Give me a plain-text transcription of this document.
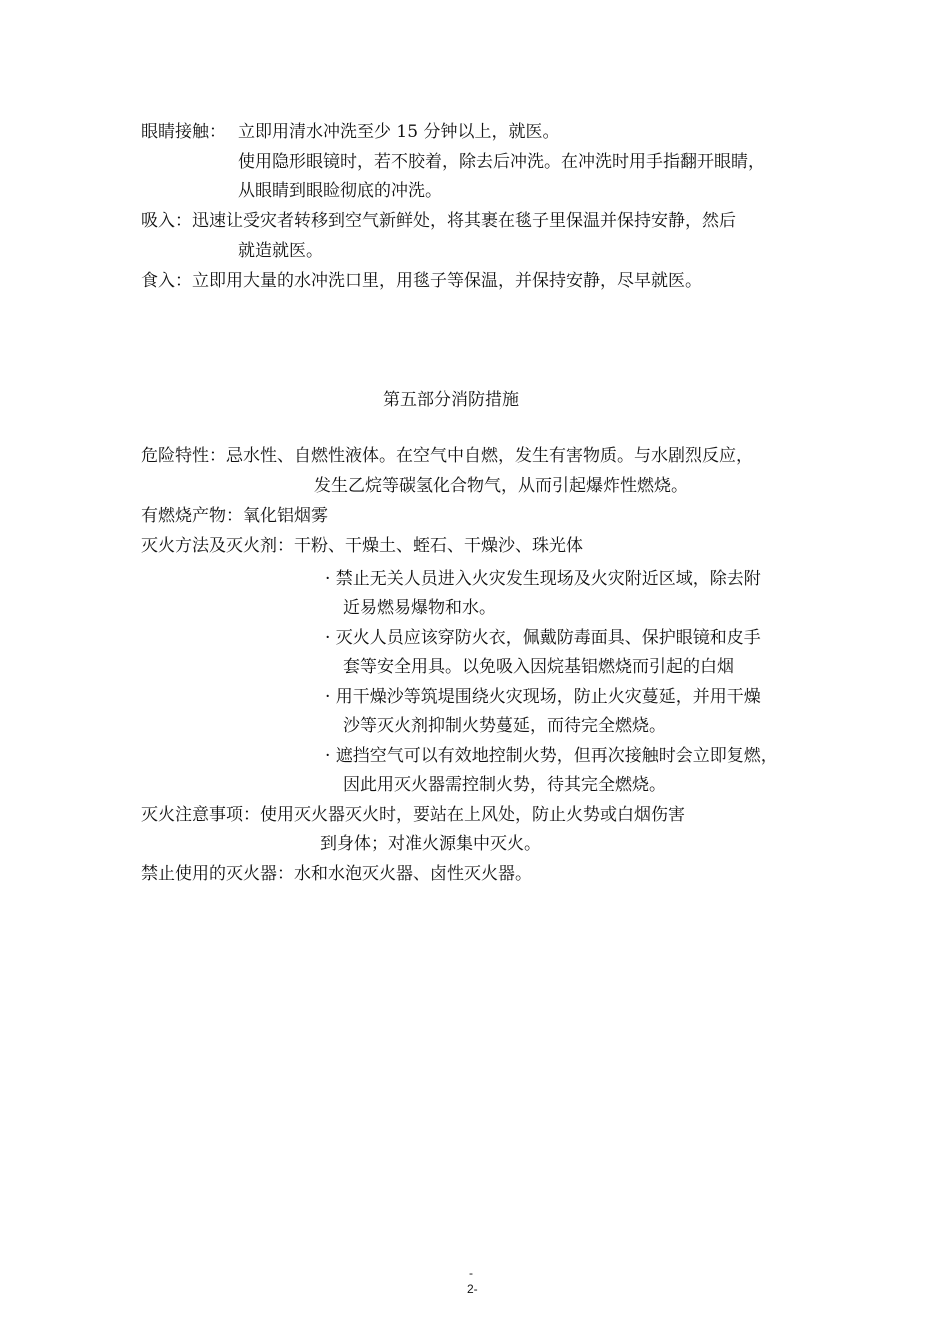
眼睛接触： 立即用清水冲洗至少 15 分钟以上，就医。

使用隐形眼镜时，若不胶着，除去后冲洗。在冲洗时用手指翻开眼睛，

从眼睛到眼睑彻底的冲洗。

吸入：迅速让受灾者转移到空气新鲜处，将其裹在毯子里保温并保持安静，然后

就造就医。

食入：立即用大量的水冲洗口里，用毯子等保温，并保持安静，尽早就医。

第五部分消防措施

危险特性：忌水性、自燃性液体。在空气中自燃，发生有害物质。与水剧烈反应，

发生乙烷等碳氢化合物气，从而引起爆炸性燃烧。

有燃烧产物：氧化铝烟雾

灭火方法及灭火剂：干粉、干燥土、蛭石、干燥沙、珠光体

· 禁止无关人员进入火灾发生现场及火灾附近区域，除去附

近易燃易爆物和水。

· 灭火人员应该穿防火衣，佩戴防毒面具、保护眼镜和皮手

套等安全用具。以免吸入因烷基铝燃烧而引起的白烟

· 用干燥沙等筑堤围绕火灾现场，防止火灾蔓延，并用干燥

沙等灭火剂抑制火势蔓延，而待完全燃烧。

· 遮挡空气可以有效地控制火势，但再次接触时会立即复燃，

因此用灭火器需控制火势，待其完全燃烧。

灭火注意事项：使用灭火器灭火时，要站在上风处，防止火势或白烟伤害

到身体；对准火源集中灭火。

禁止使用的灭火器：水和水泡灭火器、卤性灭火器。

-
2-
